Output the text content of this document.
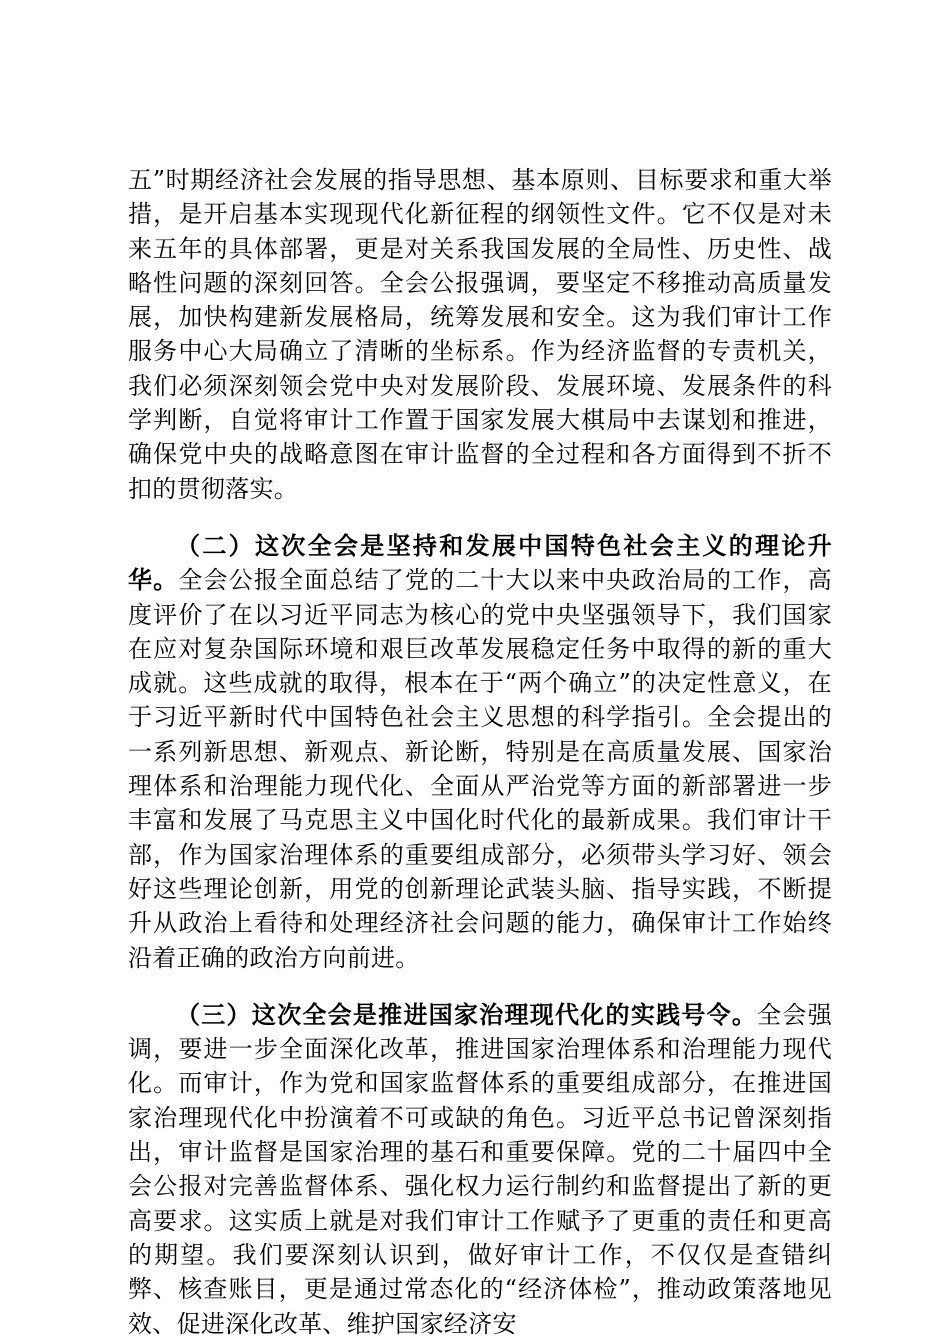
五”时期经济社会发展的指导思想、基本原则、目标要求和重大举措，是开启基本实现现代化新征程的纲领性文件。它不仅是对未来五年的具体部署，更是对关系我国发展的全局性、历史性、战略性问题的深刻回答。全会公报强调，要坚定不移推动高质量发展，加快构建新发展格局，统筹发展和安全。这为我们审计工作服务中心大局确立了清晰的坐标系。作为经济监督的专责机关，我们必须深刻领会党中央对发展阶段、发展环境、发展条件的科学判断，自觉将审计工作置于国家发展大棋局中去谋划和推进，确保党中央的战略意图在审计监督的全过程和各方面得到不折不扣的贯彻落实。

（二）这次全会是坚持和发展中国特色社会主义的理论升华。全会公报全面总结了党的二十大以来中央政治局的工作，高度评价了在以习近平同志为核心的党中央坚强领导下，我们国家在应对复杂国际环境和艰巨改革发展稳定任务中取得的新的重大成就。这些成就的取得，根本在于“两个确立”的决定性意义，在于习近平新时代中国特色社会主义思想的科学指引。全会提出的一系列新思想、新观点、新论断，特别是在高质量发展、国家治理体系和治理能力现代化、全面从严治党等方面的新部署进一步丰富和发展了马克思主义中国化时代化的最新成果。我们审计干部，作为国家治理体系的重要组成部分，必须带头学习好、领会好这些理论创新，用党的创新理论武装头脑、指导实践，不断提升从政治上看待和处理经济社会问题的能力，确保审计工作始终沿着正确的政治方向前进。

（三）这次全会是推进国家治理现代化的实践号令。全会强调，要进一步全面深化改革，推进国家治理体系和治理能力现代化。而审计，作为党和国家监督体系的重要组成部分，在推进国家治理现代化中扮演着不可或缺的角色。习近平总书记曾深刻指出，审计监督是国家治理的基石和重要保障。党的二十届四中全会公报对完善监督体系、强化权力运行制约和监督提出了新的更高要求。这实质上就是对我们审计工作赋予了更重的责任和更高的期望。我们要深刻认识到，做好审计工作，不仅仅是查错纠弊、核查账目，更是通过常态化的“经济体检”，推动政策落地见效、促进深化改革、维护国家经济安
